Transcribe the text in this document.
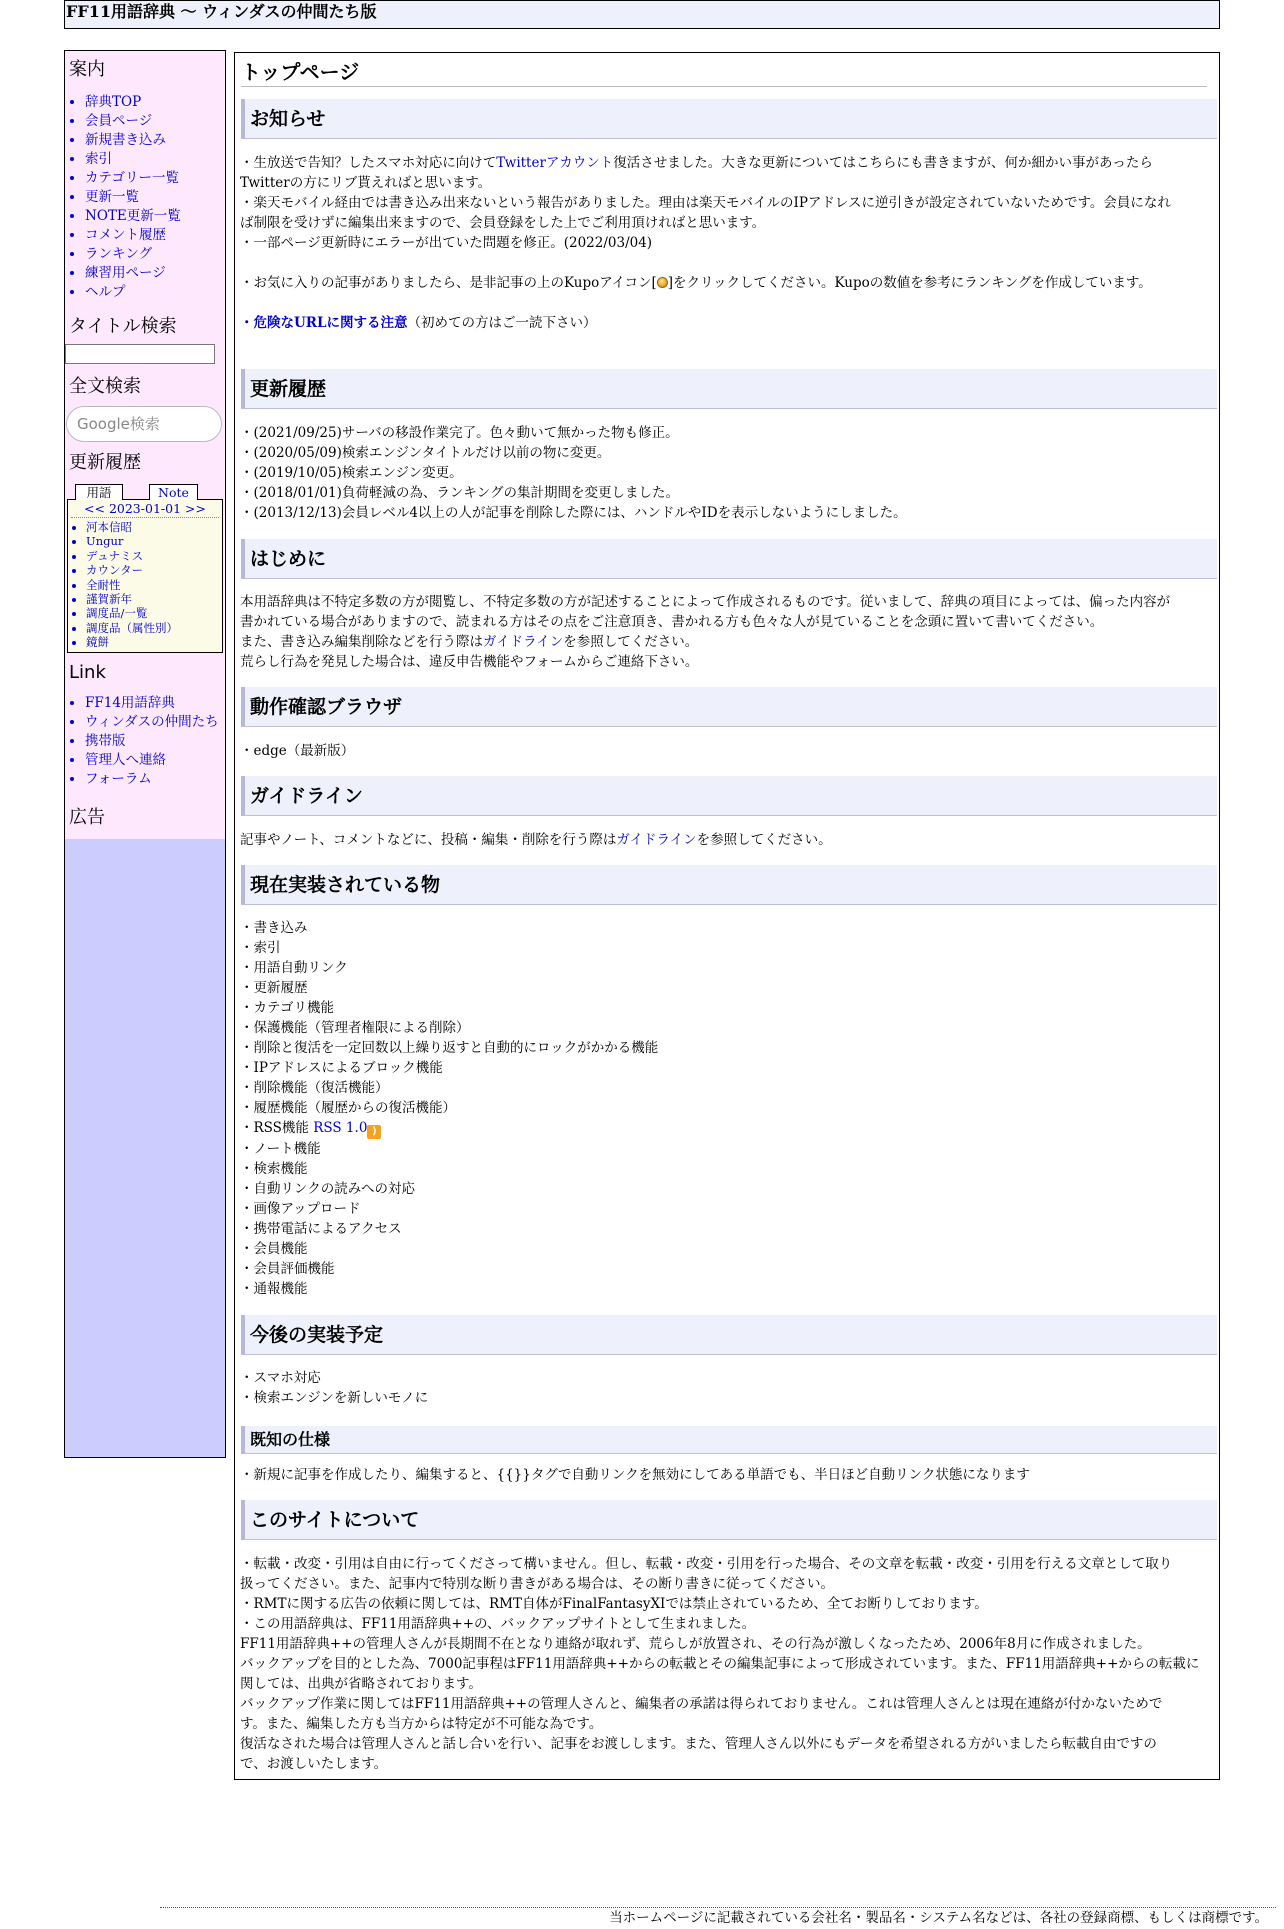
FF11用語辞典 ～ ウィンダスの仲間たち版
案内
• 辞典TOP
• 会員ページ
• 新規書き込み
• 索引
• カテゴリー一覧
• 更新一覧
• NOTE更新一覧
• コメント履歴
• ランキング
• 練習用ページ
• ヘルプ
タイトル検索
全文検索
Google検索
更新履歴
用語	Note
<< 2023-01-01 >>
• 河本信昭
• Ungur
• デュナミス
• カウンター
• 全耐性
• 謹賀新年
• 調度品/一覧
• 調度品（属性別）
• 鏡餅
Link
• FF14用語辞典
• ウィンダスの仲間たち
• 携帯版
• 管理人へ連絡
• フォーラム
広告
トップページ
お知らせ

・生放送で告知？したスマホ対応に向けてTwitterアカウント復活させました。大きな更新についてはこちらにも書きますが、何か細かい事があったら

Twitterの方にリブ貰えればと思います。

・楽天モバイル経由では書き込み出来ないという報告がありました。理由は楽天モバイルのIPアドレスに逆引きが設定されていないためです。会員になれ

ば制限を受けずに編集出来ますので、会員登録をした上でご利用頂ければと思います。

・一部ページ更新時にエラーが出ていた問題を修正。(2022/03/04)

・お気に入りの記事がありましたら、是非記事の上のKupoアイコン[ ]をクリックしてください。Kupoの数値を参考にランキングを作成しています。

・危険なURLに関する注意（初めての方はご一読下さい）

更新履歴

・(2021/09/25)サーバの移設作業完了。色々動いて無かった物も修正。

・(2020/05/09)検索エンジンタイトルだけ以前の物に変更。

・(2019/10/05)検索エンジン変更。

・(2018/01/01)負荷軽減の為、ランキングの集計期間を変更しました。

・(2013/12/13)会員レベル4以上の人が記事を削除した際には、ハンドルやIDを表示しないようにしました。

はじめに

本用語辞典は不特定多数の方が閲覧し、不特定多数の方が記述することによって作成されるものです。従いまして、辞典の項目によっては、偏った内容が

書かれている場合がありますので、読まれる方はその点をご注意頂き、書かれる方も色々な人が見ていることを念頭に置いて書いてください。

また、書き込み編集削除などを行う際はガイドラインを参照してください。

荒らし行為を発見した場合は、違反申告機能やフォームからご連絡下さい。

動作確認ブラウザ

・edge（最新版）

ガイドライン

記事やノート、コメントなどに、投稿・編集・削除を行う際はガイドラインを参照してください。

現在実装されている物

・書き込み

・索引

・用語自動リンク

・更新履歴

・カテゴリ機能

・保護機能（管理者権限による削除）

・削除と復活を一定回数以上繰り返すと自動的にロックがかかる機能

・IPアドレスによるブロック機能

・削除機能（復活機能）

・履歴機能（履歴からの復活機能）

・RSS機能 RSS 1.0 )

・ノート機能

・検索機能

・自動リンクの読みへの対応

・画像アップロード

・携帯電話によるアクセス

・会員機能

・会員評価機能

・通報機能

今後の実装予定

・スマホ対応

・検索エンジンを新しいモノに

既知の仕様

・新規に記事を作成したり、編集すると、{{}}タグで自動リンクを無効にしてある単語でも、半日ほど自動リンク状態になります

このサイトについて

・転載・改変・引用は自由に行ってくださって構いません。但し、転載・改変・引用を行った場合、その文章を転載・改変・引用を行える文章として取り

扱ってください。また、記事内で特別な断り書きがある場合は、その断り書きに従ってください。

・RMTに関する広告の依頼に関しては、RMT自体がFinalFantasyXIでは禁止されているため、全てお断りしております。

・この用語辞典は、FF11用語辞典++の、バックアップサイトとして生まれました。

FF11用語辞典++の管理人さんが長期間不在となり連絡が取れず、荒らしが放置され、その行為が激しくなったため、2006年8月に作成されました。

バックアップを目的とした為、7000記事程はFF11用語辞典++からの転載とその編集記事によって形成されています。また、FF11用語辞典++からの転載に

関しては、出典が省略されております。

バックアップ作業に関してはFF11用語辞典++の管理人さんと、編集者の承諾は得られておりません。これは管理人さんとは現在連絡が付かないためで

す。また、編集した方も当方からは特定が不可能な為です。

復活なされた場合は管理人さんと話し合いを行い、記事をお渡しします。また、管理人さん以外にもデータを希望される方がいましたら転載自由ですの

で、お渡しいたします。

当ホームページに記載されている会社名・製品名・システム名などは、各社の登録商標、もしくは商標です。
